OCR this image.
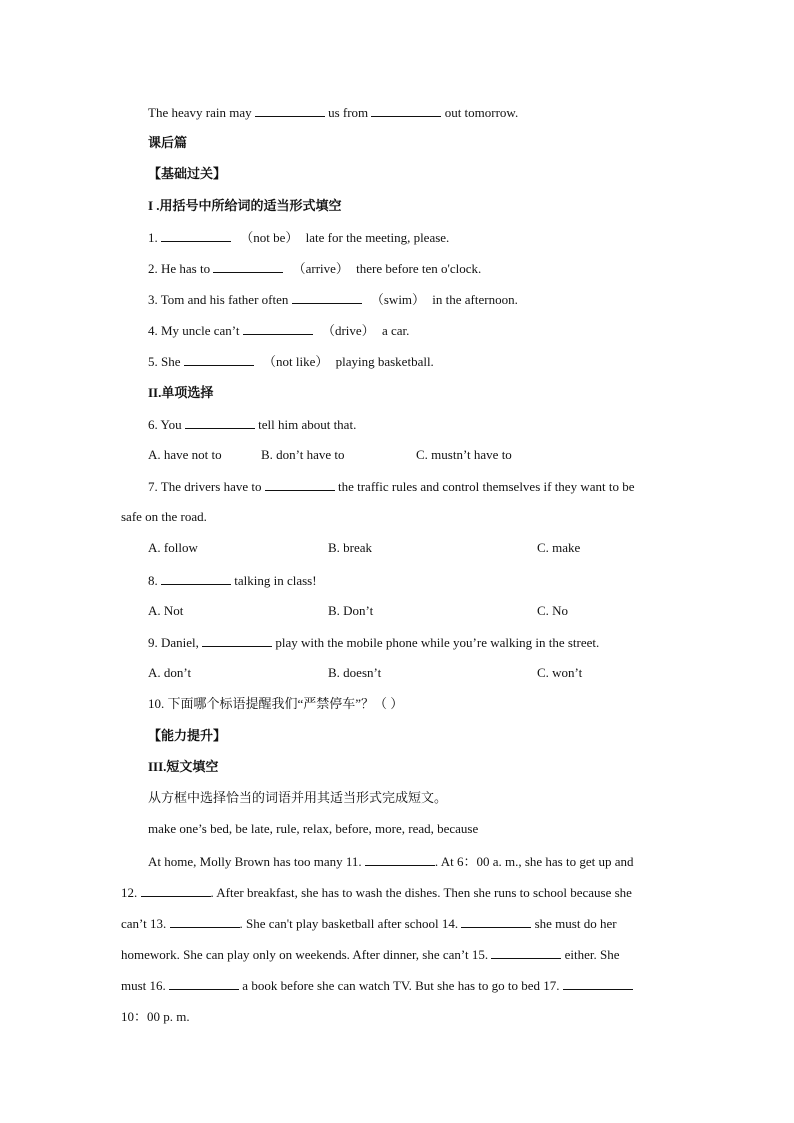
The heavy rain may	us from	out tomorrow.
课后篇
【基础过关】
I .用括号中所给词的适当形式填空
1.	（not be） late for the meeting, please.
2. He has to	（arrive） there before ten o'clock.
3. Tom and his father often	（swim） in the afternoon.
4. My uncle can’t	（drive） a car.
5. She	（not like） playing basketball.
II.单项选择
6. You	tell him about that.
A. have not to	B. don’t have to	C. mustn’t have to
7. The drivers have to	the traffic rules and control themselves if they want to be
safe on the road.
A. follow	B. break	C. make
8.	talking in class!
A. Not	B. Don’t	C. No
9. Daniel,	play with the mobile phone while you’re walking in the street.
A. don’t	B. doesn’t	C. won’t
10. 下面哪个标语提醒我们“严禁停车”？（ ）
【能力提升】
III.短文填空
从方框中选择恰当的词语并用其适当形式完成短文。
make one’s bed, be late, rule, relax, before, more, read, because
At home, Molly Brown has too many 11.	. At 6：00 a. m., she has to get up and
12.	. After breakfast, she has to wash the dishes. Then she runs to school because she
can’t 13.	. She can't play basketball after school 14.	she must do her
homework. She can play only on weekends. After dinner, she can’t 15.	either. She
must 16.	a book before she can watch TV. But she has to go to bed 17.
10：00 p. m.
